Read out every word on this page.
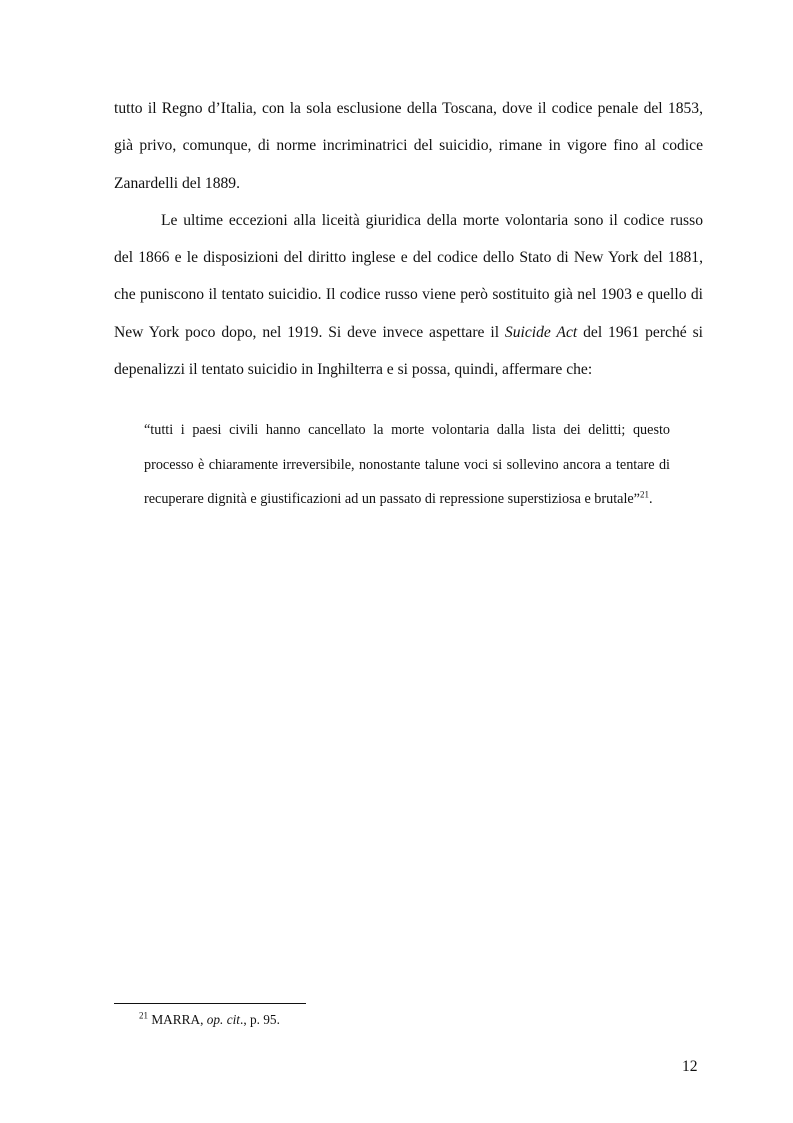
tutto il Regno d’Italia, con la sola esclusione della Toscana, dove il codice penale del 1853, già privo, comunque, di norme incriminatrici del suicidio, rimane in vigore fino al codice Zanardelli del 1889.

Le ultime eccezioni alla liceità giuridica della morte volontaria sono il codice russo del 1866 e le disposizioni del diritto inglese e del codice dello Stato di New York del 1881, che puniscono il tentato suicidio. Il codice russo viene però sostituito già nel 1903 e quello di New York poco dopo, nel 1919. Si deve invece aspettare il Suicide Act del 1961 perché si depenalizzi il tentato suicidio in Inghilterra e si possa, quindi, affermare che:

“tutti i paesi civili hanno cancellato la morte volontaria dalla lista dei delitti; questo processo è chiaramente irreversibile, nonostante talune voci si sollevino ancora a tentare di recuperare dignità e giustificazioni ad un passato di repressione superstiziosa e brutale”$^{21}$.

$^{21}$ MARRA, op. cit., p. 95.

12
